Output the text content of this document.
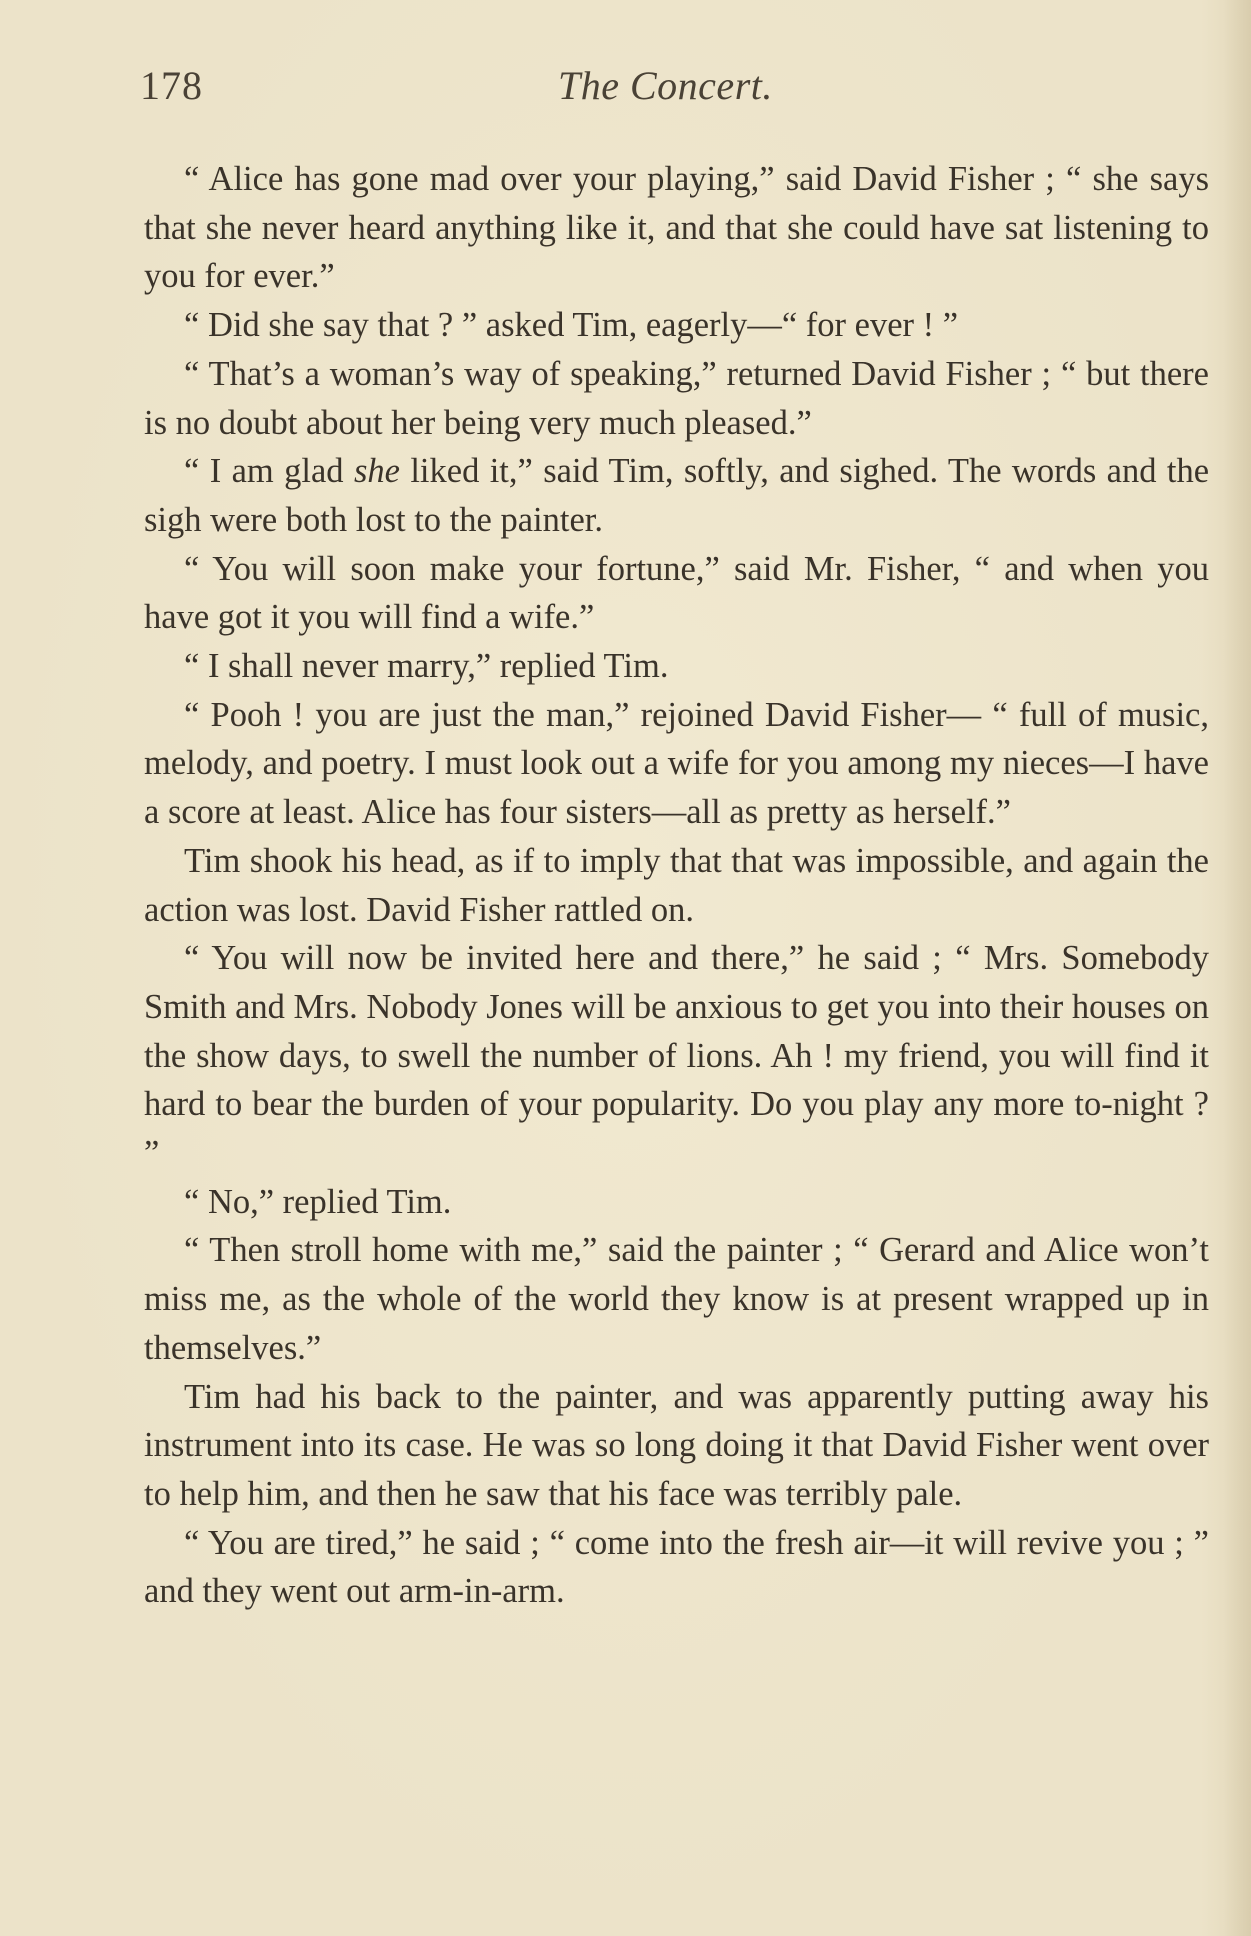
178	The Concert.

“ Alice has gone mad over your playing,” said David Fisher ; “ she says that she never heard anything like it, and that she could have sat listening to you for ever.”

“ Did she say that ? ” asked Tim, eagerly—“ for ever ! ”

“ That’s a woman’s way of speaking,” returned David Fisher ; “ but there is no doubt about her being very much pleased.”

“ I am glad she liked it,” said Tim, softly, and sighed. The words and the sigh were both lost to the painter.

“ You will soon make your fortune,” said Mr. Fisher, “ and when you have got it you will find a wife.”

“ I shall never marry,” replied Tim.

“ Pooh ! you are just the man,” rejoined David Fisher— “ full of music, melody, and poetry. I must look out a wife for you among my nieces—I have a score at least. Alice has four sisters—all as pretty as herself.”

Tim shook his head, as if to imply that that was impossible, and again the action was lost. David Fisher rattled on.

“ You will now be invited here and there,” he said ; “ Mrs. Somebody Smith and Mrs. Nobody Jones will be anxious to get you into their houses on the show days, to swell the number of lions. Ah ! my friend, you will find it hard to bear the burden of your popularity. Do you play any more to-night ? ”

“ No,” replied Tim.

“ Then stroll home with me,” said the painter ; “ Gerard and Alice won’t miss me, as the whole of the world they know is at present wrapped up in themselves.”

Tim had his back to the painter, and was apparently putting away his instrument into its case. He was so long doing it that David Fisher went over to help him, and then he saw that his face was terribly pale.

“ You are tired,” he said ; “ come into the fresh air—it will revive you ; ” and they went out arm-in-arm.
